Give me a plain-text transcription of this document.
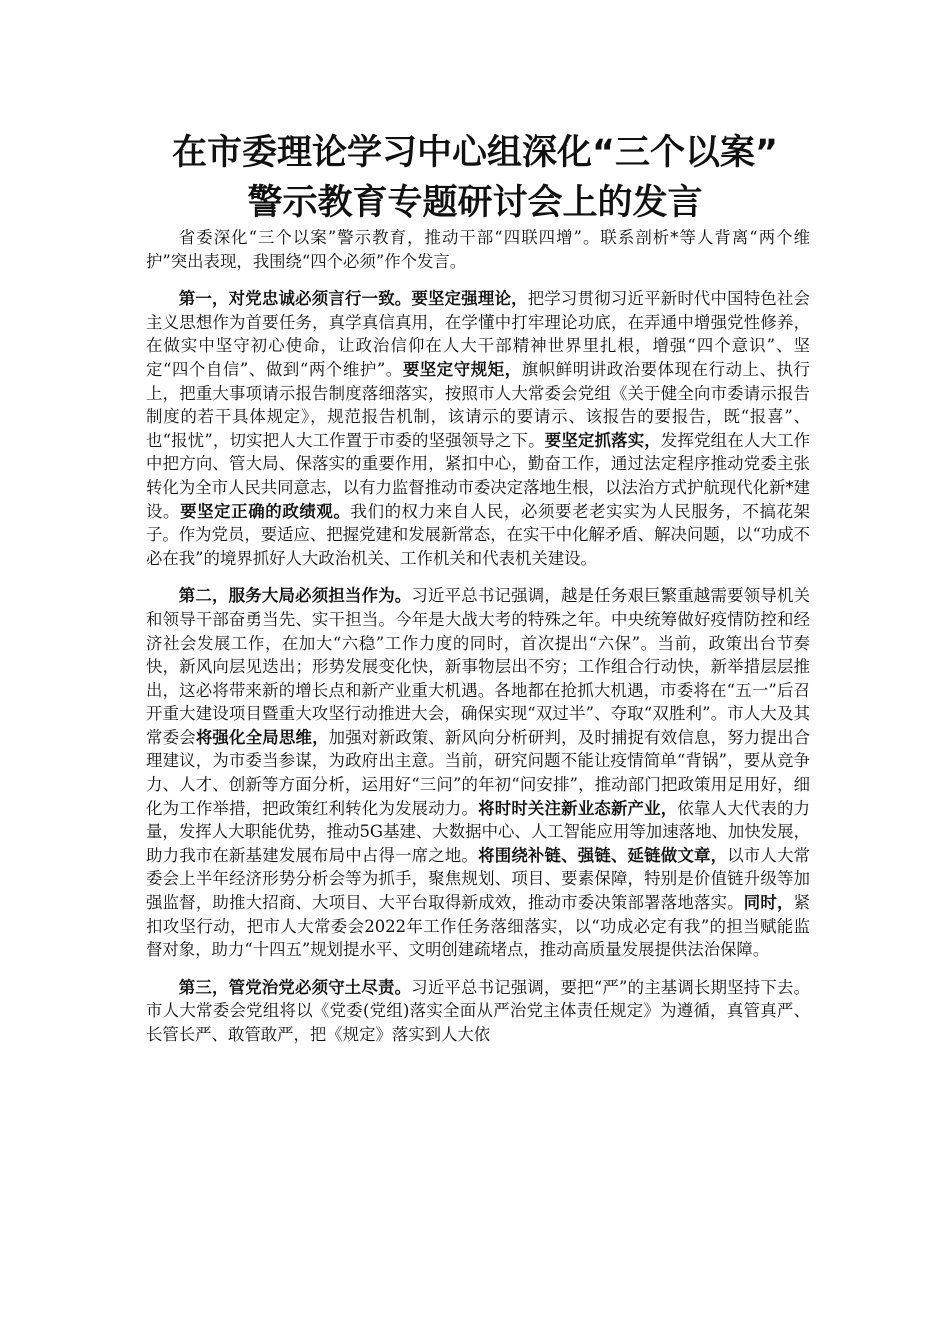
在市委理论学习中心组深化“三个以案”
警示教育专题研讨会上的发言

省委深化“三个以案”警示教育，推动干部“四联四增”。联系剖析*等人背离“两个维护”突出表现，我围绕“四个必须”作个发言。

第一，对党忠诚必须言行一致。要坚定强理论，把学习贯彻习近平新时代中国特色社会主义思想作为首要任务，真学真信真用，在学懂中打牢理论功底，在弄通中增强党性修养，在做实中坚守初心使命，让政治信仰在人大干部精神世界里扎根，增强“四个意识”、坚定“四个自信”、做到“两个维护”。要坚定守规矩，旗帜鲜明讲政治要体现在行动上、执行上，把重大事项请示报告制度落细落实，按照市人大常委会党组《关于健全向市委请示报告制度的若干具体规定》，规范报告机制，该请示的要请示、该报告的要报告，既“报喜”、也“报忧”，切实把人大工作置于市委的坚强领导之下。要坚定抓落实，发挥党组在人大工作中把方向、管大局、保落实的重要作用，紧扣中心，勤奋工作，通过法定程序推动党委主张转化为全市人民共同意志，以有力监督推动市委决定落地生根，以法治方式护航现代化新*建设。要坚定正确的政绩观。我们的权力来自人民，必须要老老实实为人民服务，不搞花架子。作为党员，要适应、把握党建和发展新常态，在实干中化解矛盾、解决问题，以“功成不必在我”的境界抓好人大政治机关、工作机关和代表机关建设。

第二，服务大局必须担当作为。习近平总书记强调，越是任务艰巨繁重越需要领导机关和领导干部奋勇当先、实干担当。今年是大战大考的特殊之年。中央统筹做好疫情防控和经济社会发展工作，在加大“六稳”工作力度的同时，首次提出“六保”。当前，政策出台节奏快，新风向层见迭出；形势发展变化快，新事物层出不穷；工作组合行动快，新举措层层推出，这必将带来新的增长点和新产业重大机遇。各地都在抢抓大机遇，市委将在“五一”后召开重大建设项目暨重大攻坚行动推进大会，确保实现“双过半”、夺取“双胜利”。市人大及其常委会将强化全局思维，加强对新政策、新风向分析研判，及时捕捉有效信息，努力提出合理建议，为市委当参谋，为政府出主意。当前，研究问题不能让疫情简单“背锅”，要从竞争力、人才、创新等方面分析，运用好“三问”的年初“问安排”，推动部门把政策用足用好，细化为工作举措，把政策红利转化为发展动力。将时时关注新业态新产业，依靠人大代表的力量，发挥人大职能优势，推动5G基建、大数据中心、人工智能应用等加速落地、加快发展，助力我市在新基建发展布局中占得一席之地。将围绕补链、强链、延链做文章，以市人大常委会上半年经济形势分析会等为抓手，聚焦规划、项目、要素保障，特别是价值链升级等加强监督，助推大招商、大项目、大平台取得新成效，推动市委决策部署落地落实。同时，紧扣攻坚行动，把市人大常委会2022年工作任务落细落实，以“功成必定有我”的担当赋能监督对象，助力“十四五”规划提水平、文明创建疏堵点，推动高质量发展提供法治保障。

第三，管党治党必须守土尽责。习近平总书记强调，要把“严”的主基调长期坚持下去。市人大常委会党组将以《党委(党组)落实全面从严治党主体责任规定》为遵循，真管真严、长管长严、敢管敢严，把《规定》落实到人大依
